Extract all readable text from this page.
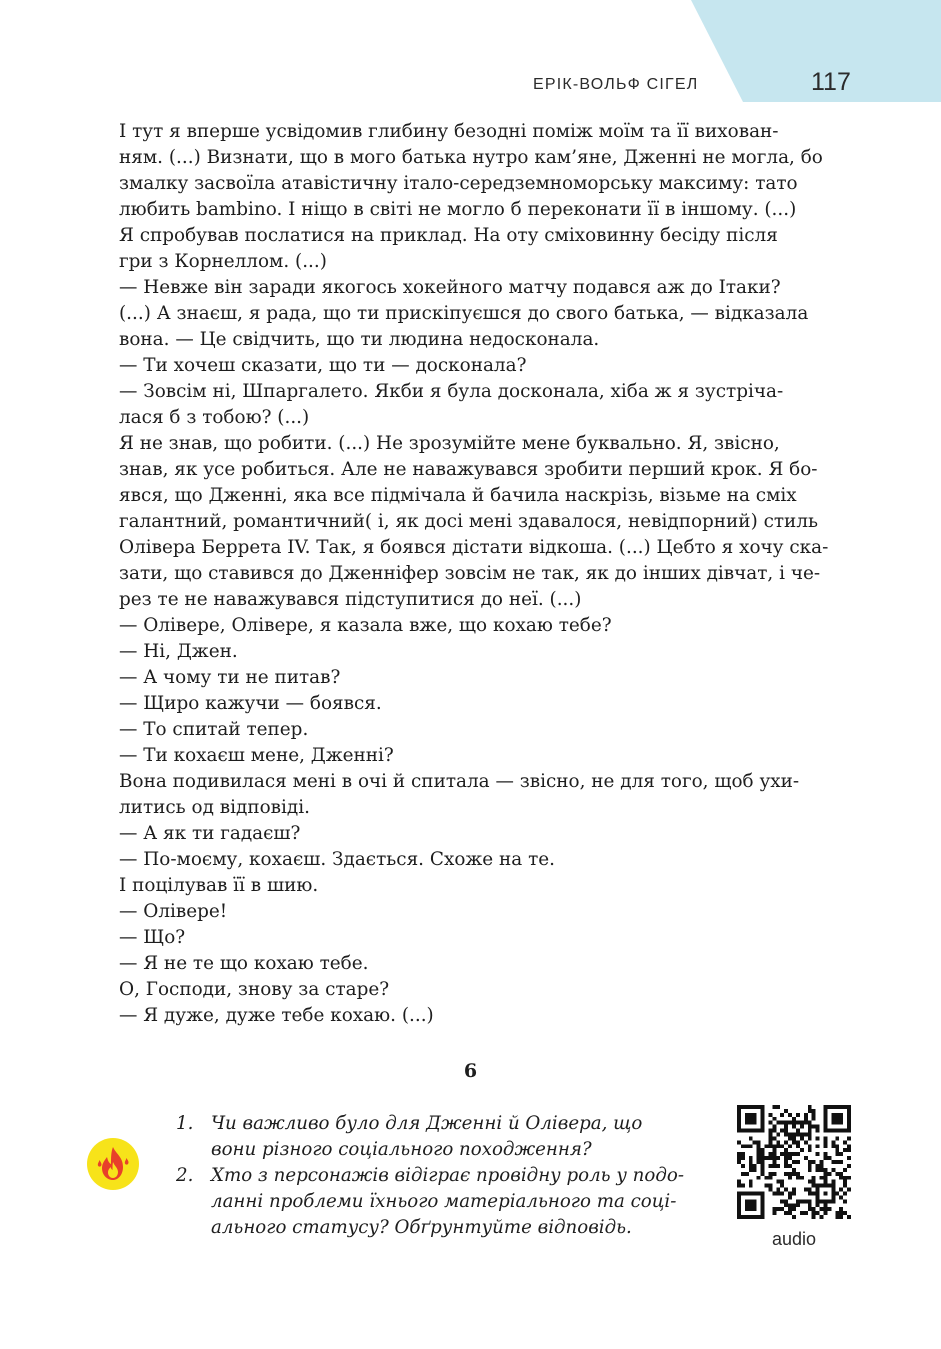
ЕРІК-ВОЛЬФ СІГЕЛ	117
І тут я вперше усвідомив глибину безодні поміж моїм та її вихован-
ням. (...) Визнати, що в мого батька нутро кам’яне, Дженні не могла, бо
змалку засвоїла атавістичну італо-середземноморську максиму: тато
любить bambino. І ніщо в світі не могло б переконати її в іншому. (...)
Я спробував послатися на приклад. На оту сміховинну бесіду після
гри з Корнеллом. (...)
— Невже він заради якогось хокейного матчу подався аж до Ітаки?
(...) А знаєш, я рада, що ти прискіпуєшся до свого батька, — відказала
вона. — Це свідчить, що ти людина недосконала.
— Ти хочеш сказати, що ти — досконала?
— Зовсім ні, Шпаргалето. Якби я була досконала, хіба ж я зустріча-
лася б з тобою? (...)
Я не знав, що робити. (...) Не зрозумійте мене буквально. Я, звісно,
знав, як усе робиться. Але не наважувався зробити перший крок. Я бо-
явся, що Дженні, яка все підмічала й бачила наскрізь, візьме на сміх
галантний, романтичний( і, як досі мені здавалося, невідпорний) стиль
Олівера Беррета IV. Так, я боявся дістати відкоша. (...) Цебто я хочу ска-
зати, що ставився до Дженніфер зовсім не так, як до інших дівчат, і че-
рез те не наважувався підступитися до неї. (...)
— Олівере, Олівере, я казала вже, що кохаю тебе?
— Ні, Джен.
— А чому ти не питав?
— Щиро кажучи — боявся.
— То спитай тепер.
— Ти кохаєш мене, Дженні?
Вона подивилася мені в очі й спитала — звісно, не для того, щоб ухи-
литись од відповіді.
— А як ти гадаєш?
— По-моєму, кохаєш. Здається. Схоже на те.
І поцілував її в шию.
— Олівере!
— Що?
— Я не те що кохаю тебе.
О, Господи, знову за старе?
— Я дуже, дуже тебе кохаю. (...)
6
1. Чи важливо було для Дженні й Олівера, що
вони різного соціального походження?
2. Хто з персонажів відіграє провідну роль у подо-
ланні проблеми їхнього матеріального та соці-
ального статусу? Обґрунтуйте відповідь.
audio
